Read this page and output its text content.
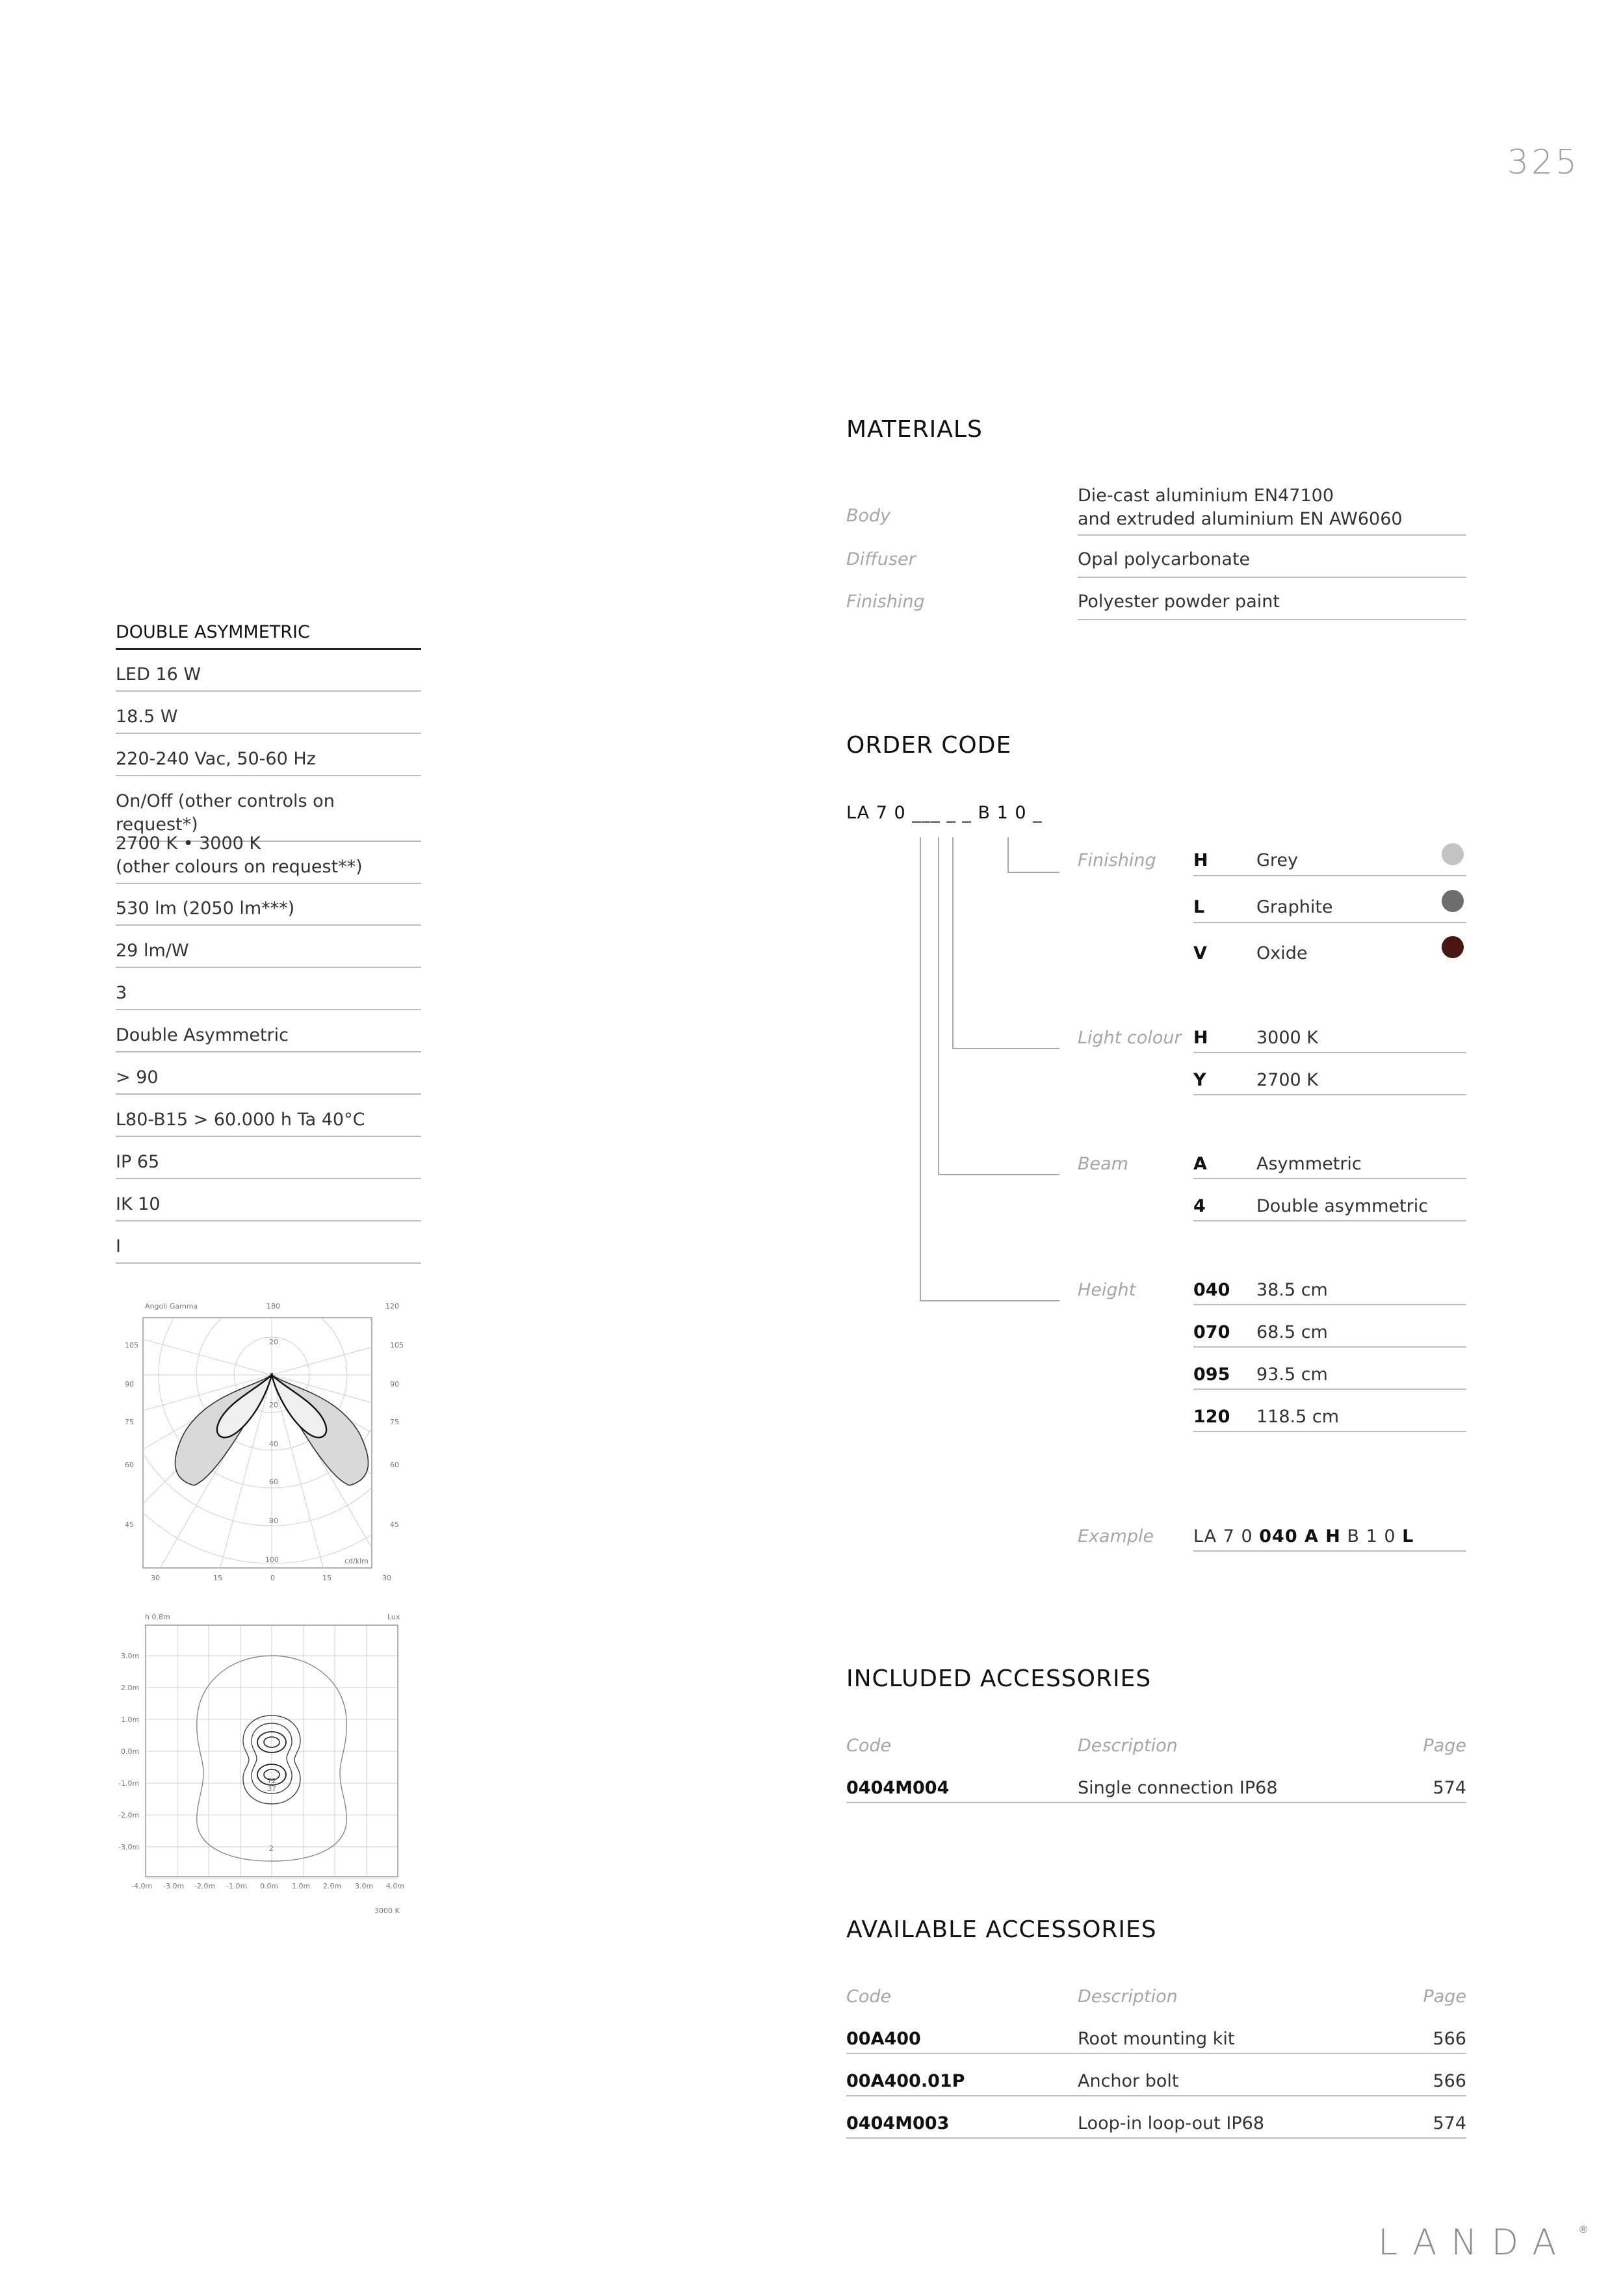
325
DOUBLE ASYMMETRIC
LED 16 W
18.5 W
220-240 Vac, 50-60 Hz
On/Off (other controls on request*)
2700 K • 3000 K
(other colours on request**)
530 lm (2050 lm***)
29 lm/W
3
Double Asymmetric
> 90
L80-B15 > 60.000 h Ta 40°C
IP 65
IK 10
I
Angoli Gamma	180	120
105
90
75
60
45
105
90
75
60
45
20
20
40
60
80
100	cd/klm
30	15	0	15	30
h 0.8m	Lux
72
37
2
3.0m
2.0m
1.0m
0.0m
-1.0m
-2.0m
-3.0m
-4.0m -3.0m -2.0m -1.0m 0.0m 1.0m 2.0m 3.0m 4.0m
3000 K
MATERIALS
Body
Die-cast aluminium EN47100
and extruded aluminium EN AW6060
Diffuser	Opal polycarbonate
Finishing	Polyester powder paint
ORDER CODE
LA 7 0 ___ _ _ B 1 0 _
Finishing H	Grey
L	Graphite
V	Oxide
Light colour H	3000 K
Y	2700 K
Beam	A	Asymmetric
4	Double asymmetric
Height	040 38.5 cm
070 68.5 cm
095 93.5 cm
120 118.5 cm
Example LA 7 0 040 A H B 1 0 L
INCLUDED ACCESSORIES
Code	Description	Page
0404M004	Single connection IP68	574
AVAILABLE ACCESSORIES
Code	Description	Page
00A400	Root mounting kit	566
00A400.01P	Anchor bolt	566
0404M003	Loop-in loop-out IP68	574
LANDA ®
